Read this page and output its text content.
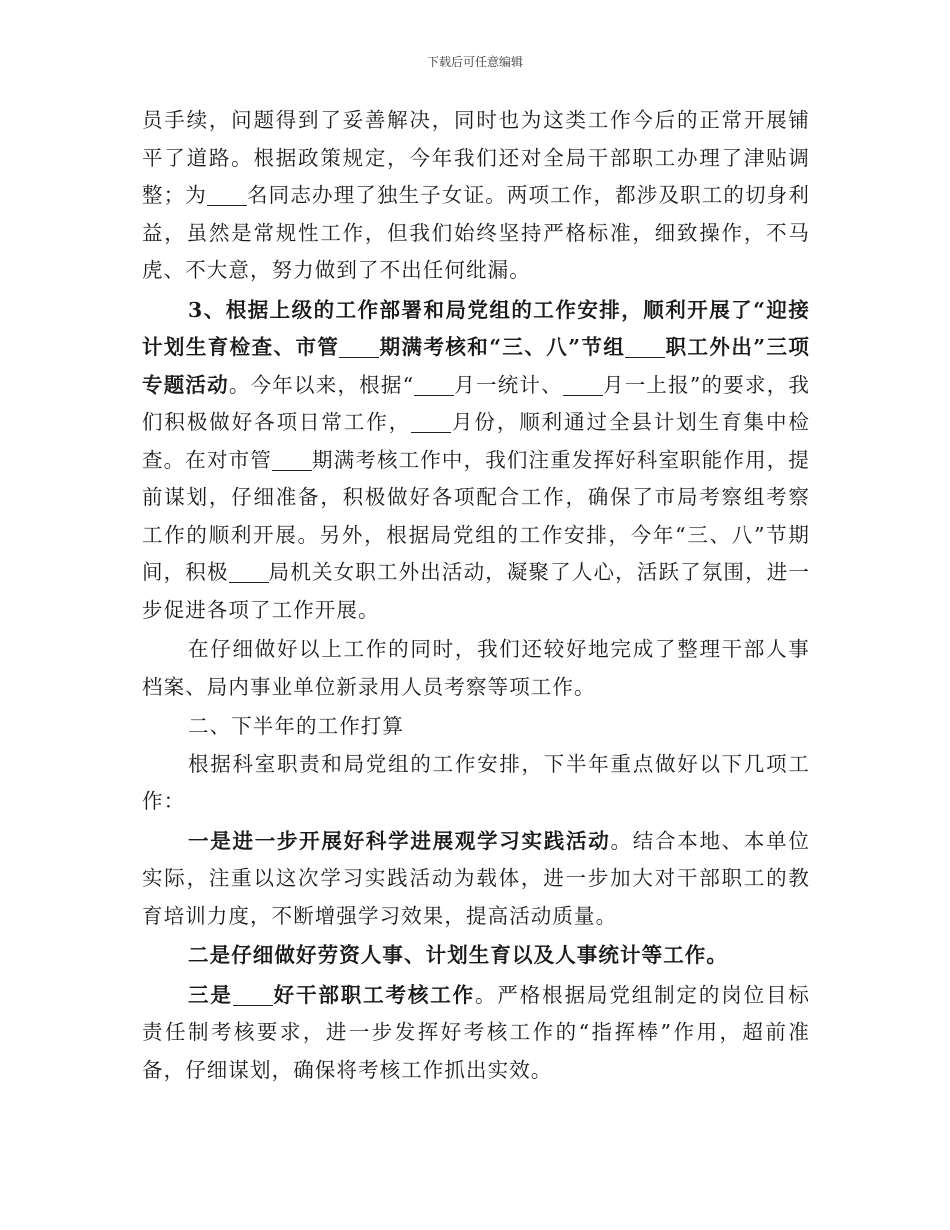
下载后可任意编辑

员手续，问题得到了妥善解决，同时也为这类工作今后的正常开展铺平了道路。根据政策规定，今年我们还对全局干部职工办理了津贴调整；为 名同志办理了独生子女证。两项工作，都涉及职工的切身利益，虽然是常规性工作，但我们始终坚持严格标准，细致操作，不马虎、不大意，努力做到了不出任何纰漏。

3、根据上级的工作部署和局党组的工作安排，顺利开展了“迎接计划生育检查、市管 期满考核和“三、八”节组 职工外出”三项专题活动。今年以来，根据“ 月一统计、 月一上报”的要求，我们积极做好各项日常工作， 月份，顺利通过全县计划生育集中检查。在对市管 期满考核工作中，我们注重发挥好科室职能作用，提前谋划，仔细准备，积极做好各项配合工作，确保了市局考察组考察工作的顺利开展。另外，根据局党组的工作安排，今年“三、八”节期间，积极 局机关女职工外出活动，凝聚了人心，活跃了氛围，进一步促进各项了工作开展。

在仔细做好以上工作的同时，我们还较好地完成了整理干部人事档案、局内事业单位新录用人员考察等项工作。

二、下半年的工作打算

根据科室职责和局党组的工作安排，下半年重点做好以下几项工作：

一是进一步开展好科学进展观学习实践活动。结合本地、本单位实际，注重以这次学习实践活动为载体，进一步加大对干部职工的教育培训力度，不断增强学习效果，提高活动质量。

二是仔细做好劳资人事、计划生育以及人事统计等工作。

三是 好干部职工考核工作。严格根据局党组制定的岗位目标责任制考核要求，进一步发挥好考核工作的“指挥棒”作用，超前准备，仔细谋划，确保将考核工作抓出实效。
